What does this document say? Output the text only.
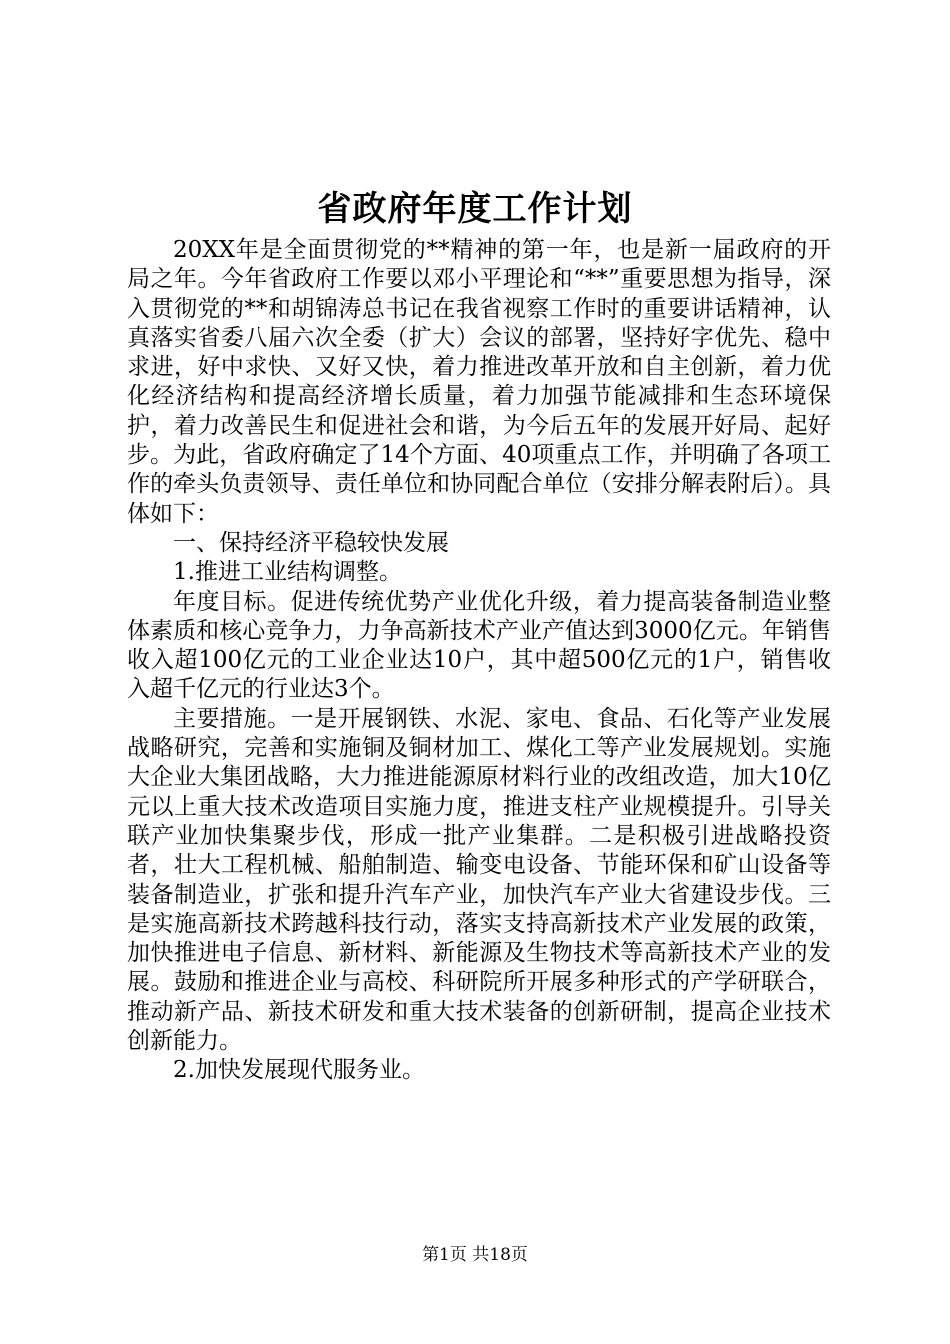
省政府年度工作计划

20XX年是全面贯彻党的**精神的第一年，也是新一届政府的开局之年。今年省政府工作要以邓小平理论和“**”重要思想为指导，深入贯彻党的**和胡锦涛总书记在我省视察工作时的重要讲话精神，认真落实省委八届六次全委（扩大）会议的部署，坚持好字优先、稳中求进，好中求快、又好又快，着力推进改革开放和自主创新，着力优化经济结构和提高经济增长质量，着力加强节能减排和生态环境保护，着力改善民生和促进社会和谐，为今后五年的发展开好局、起好步。为此，省政府确定了14个方面、40项重点工作，并明确了各项工作的牵头负责领导、责任单位和协同配合单位（安排分解表附后）。具体如下：

一、保持经济平稳较快发展

1.推进工业结构调整。

年度目标。促进传统优势产业优化升级，着力提高装备制造业整体素质和核心竞争力，力争高新技术产业产值达到3000亿元。年销售收入超100亿元的工业企业达10户，其中超500亿元的1户，销售收入超千亿元的行业达3个。

主要措施。一是开展钢铁、水泥、家电、食品、石化等产业发展战略研究，完善和实施铜及铜材加工、煤化工等产业发展规划。实施大企业大集团战略，大力推进能源原材料行业的改组改造，加大10亿元以上重大技术改造项目实施力度，推进支柱产业规模提升。引导关联产业加快集聚步伐，形成一批产业集群。二是积极引进战略投资者，壮大工程机械、船舶制造、输变电设备、节能环保和矿山设备等装备制造业，扩张和提升汽车产业，加快汽车产业大省建设步伐。三是实施高新技术跨越科技行动，落实支持高新技术产业发展的政策，加快推进电子信息、新材料、新能源及生物技术等高新技术产业的发展。鼓励和推进企业与高校、科研院所开展多种形式的产学研联合，推动新产品、新技术研发和重大技术装备的创新研制，提高企业技术创新能力。

2.加快发展现代服务业。

第1页 共18页
